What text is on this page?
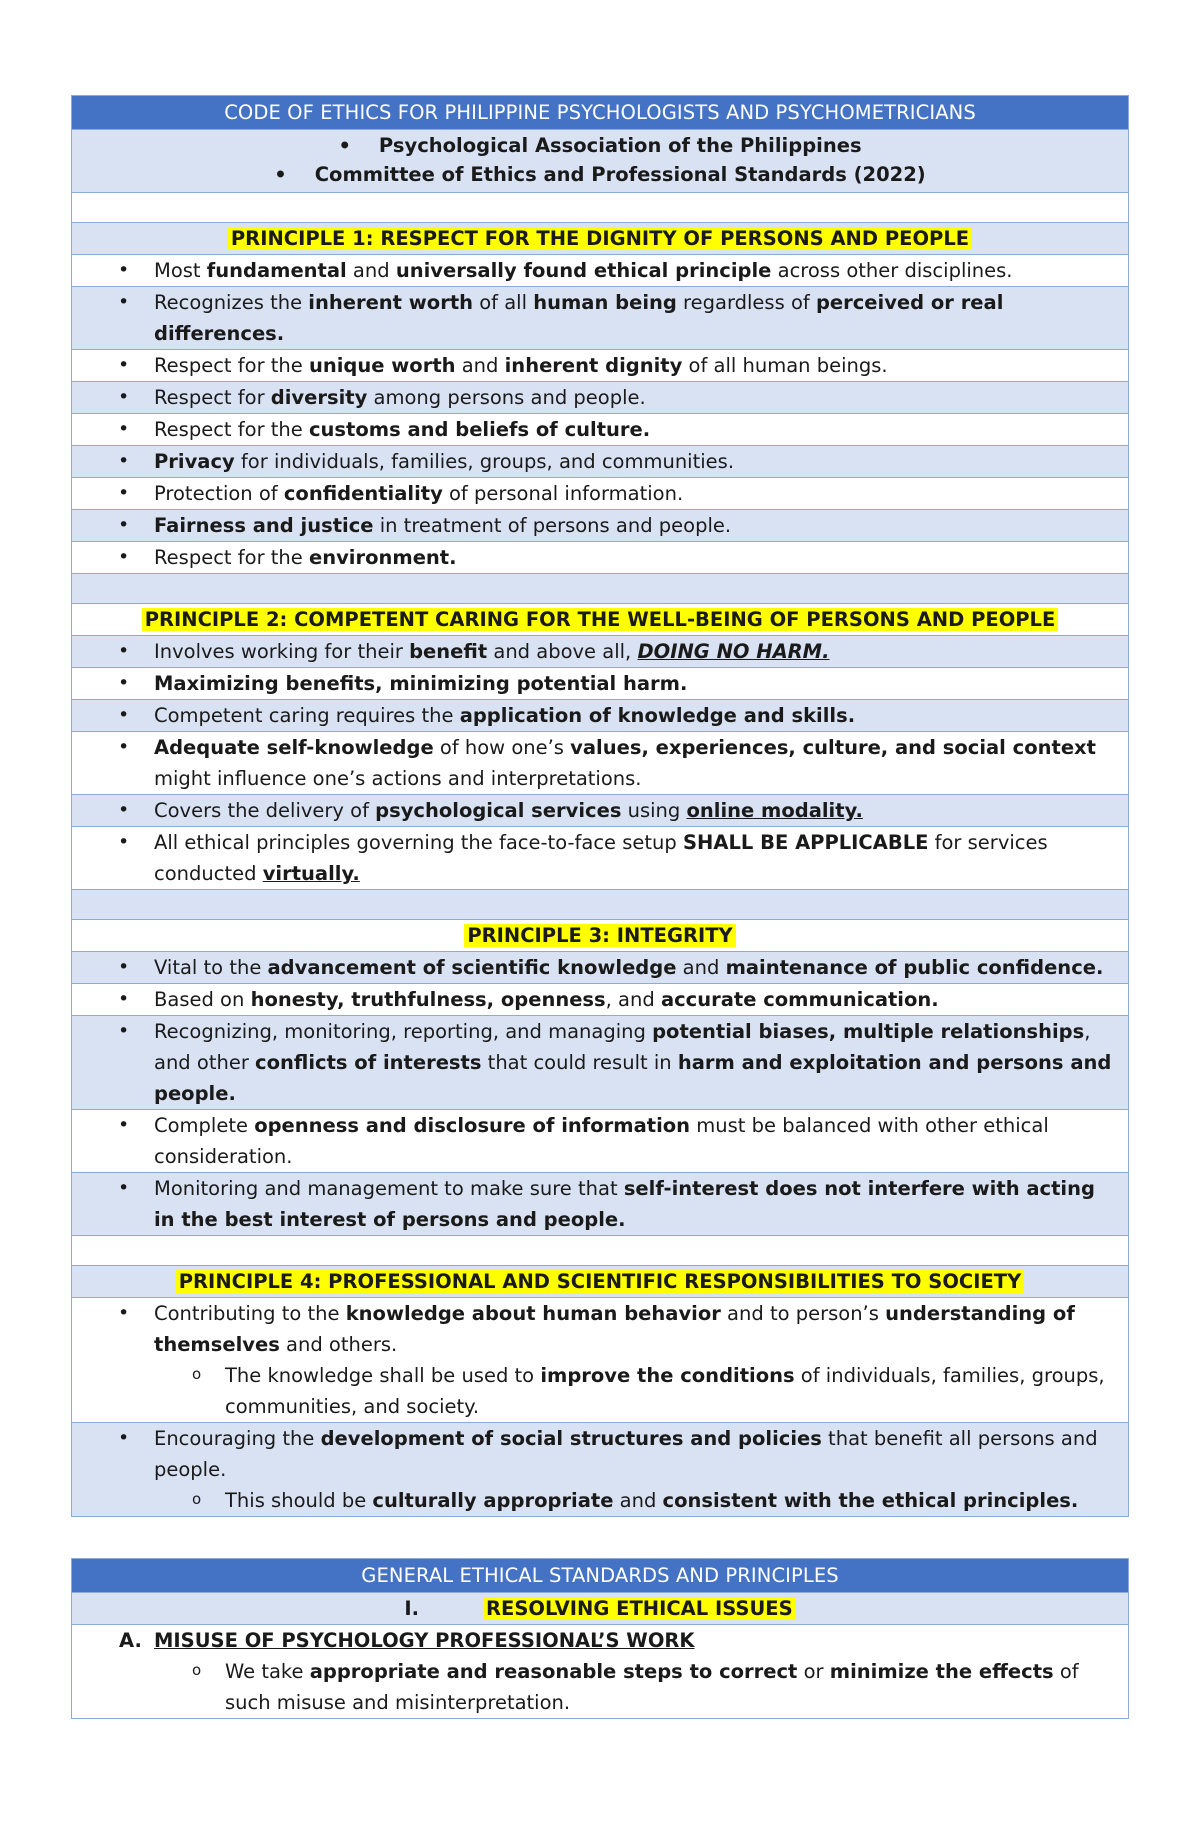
CODE OF ETHICS FOR PHILIPPINE PSYCHOLOGISTS AND PSYCHOMETRICIANS

• Psychological Association of the Philippines
• Committee of Ethics and Professional Standards (2022)

PRINCIPLE 1: RESPECT FOR THE DIGNITY OF PERSONS AND PEOPLE

• Most fundamental and universally found ethical principle across other disciplines.

• Recognizes the inherent worth of all human being regardless of perceived or real differences.

• Respect for the unique worth and inherent dignity of all human beings.

• Respect for diversity among persons and people.

• Respect for the customs and beliefs of culture.

• Privacy for individuals, families, groups, and communities.

• Protection of confidentiality of personal information.

• Fairness and justice in treatment of persons and people.

• Respect for the environment.

PRINCIPLE 2: COMPETENT CARING FOR THE WELL-BEING OF PERSONS AND PEOPLE

• Involves working for their benefit and above all, DOING NO HARM.

• Maximizing benefits, minimizing potential harm.

• Competent caring requires the application of knowledge and skills.

• Adequate self-knowledge of how one’s values, experiences, culture, and social context might influence one’s actions and interpretations.

• Covers the delivery of psychological services using online modality.

• All ethical principles governing the face-to-face setup SHALL BE APPLICABLE for services conducted virtually.

PRINCIPLE 3: INTEGRITY

• Vital to the advancement of scientific knowledge and maintenance of public confidence.

• Based on honesty, truthfulness, openness, and accurate communication.

• Recognizing, monitoring, reporting, and managing potential biases, multiple relationships, and other conflicts of interests that could result in harm and exploitation and persons and people.

• Complete openness and disclosure of information must be balanced with other ethical consideration.

• Monitoring and management to make sure that self-interest does not interfere with acting in the best interest of persons and people.

PRINCIPLE 4: PROFESSIONAL AND SCIENTIFIC RESPONSIBILITIES TO SOCIETY

• Contributing to the knowledge about human behavior and to person’s understanding of themselves and others.
o The knowledge shall be used to improve the conditions of individuals, families, groups, communities, and society.

• Encouraging the development of social structures and policies that benefit all persons and people.
o This should be culturally appropriate and consistent with the ethical principles.
GENERAL ETHICAL STANDARDS AND PRINCIPLES
I.	RESOLVING ETHICAL ISSUES

A. MISUSE OF PSYCHOLOGY PROFESSIONAL’S WORK
o We take appropriate and reasonable steps to correct or minimize the effects of such misuse and misinterpretation.
